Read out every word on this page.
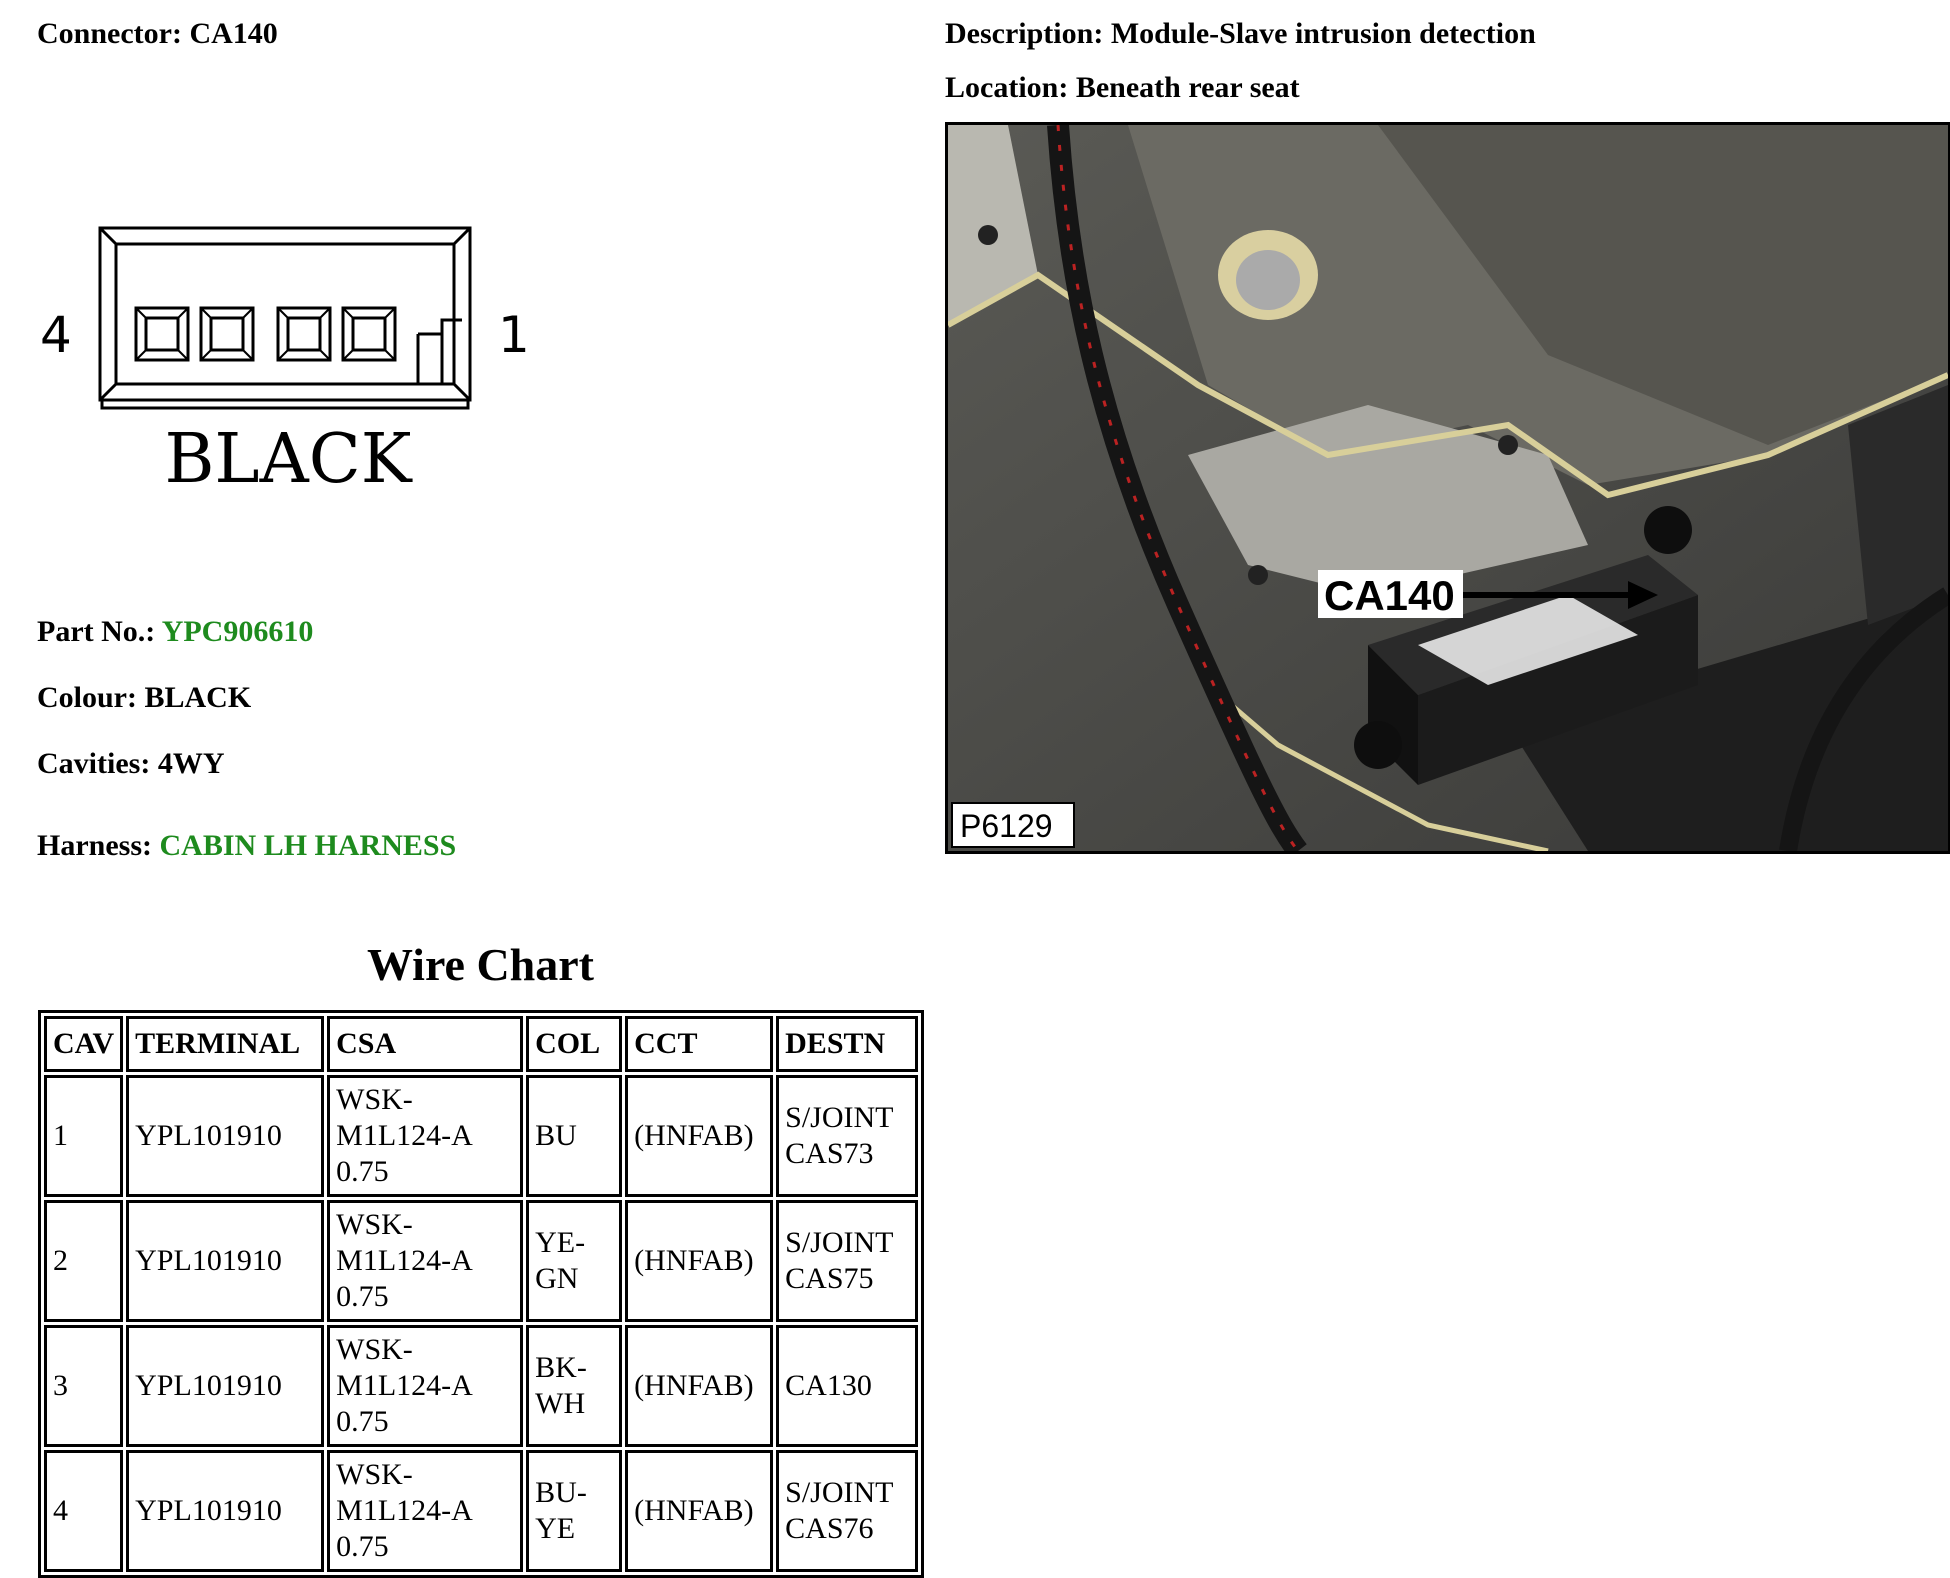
Connector: CA140	Description: Module-Slave intrusion detection
Location: Beneath rear seat
4	1
BLACK
Part No.: YPC906610
Colour: BLACK
Cavities: 4WY
Harness: CABIN LH HARNESS
CA140
P6129
Wire Chart
CAV	TERMINAL	CSA	COL	CCT	DESTN
1	YPL101910	WSK-M1L124-A 0.75	BU	(HNFAB)	S/JOINT CAS73
2	YPL101910	WSK-M1L124-A 0.75	YE-GN	(HNFAB)	S/JOINT CAS75
3	YPL101910	WSK-M1L124-A 0.75	BK-WH	(HNFAB)	CA130
4	YPL101910	WSK-M1L124-A 0.75	BU-YE	(HNFAB)	S/JOINT CAS76
